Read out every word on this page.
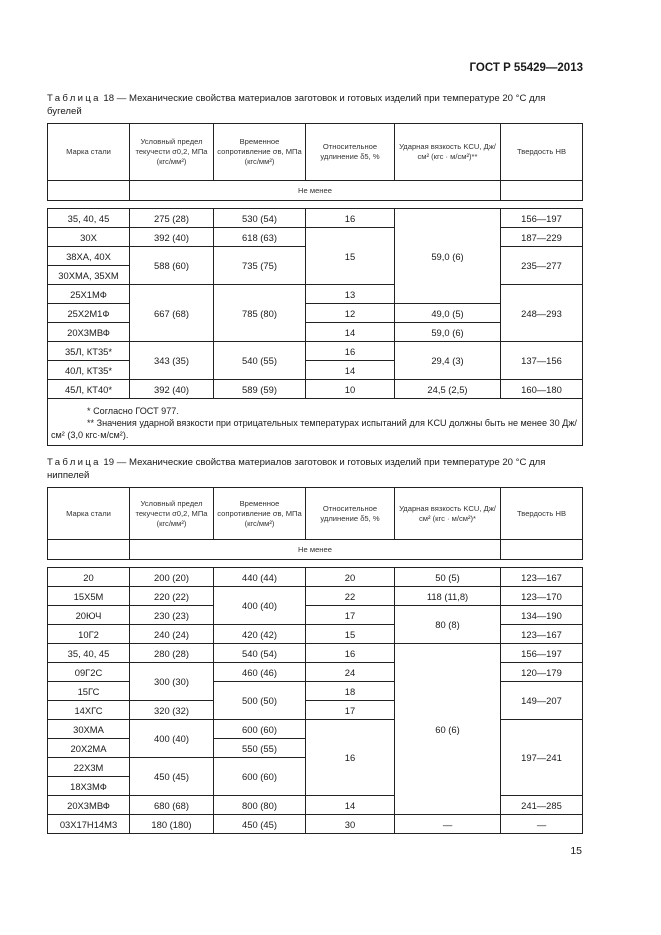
ГОСТ Р 55429—2013
Таблица 18 — Механические свойства материалов заготовок и готовых изделий при температуре 20 °С для бугелей
Марка стали	Условный предел текучести σ0,2, МПа (кгс/мм²)	Временное сопротивление σв, МПа (кгс/мм²)	Относительное удлинение δ5, %	Ударная вязкость KCU, Дж/см² (кгс · м/см²)**	Твердость НВ
	Не менее				

35, 40, 45	275 (28)	530 (54)	16	59,0 (6)	156—197
30Х	392 (40)	618 (63)	15		187—229
38ХА, 40Х	588 (60)	735 (75)			235—277
30ХМА, 35ХМ					
25Х1МФ	667 (68)	785 (80)	13		248—293
25Х2М1Ф			12	49,0 (5)	
20Х3МВФ			14	59,0 (6)	
35Л, КТ35*	343 (35)	540 (55)	16	29,4 (3)	137—156
40Л, КТ35*			14		
45Л, КТ40*	392 (40)	589 (59)	10	24,5 (2,5)	160—180

* Согласно ГОСТ 977.
** Значения ударной вязкости при отрицательных температурах испытаний для KCU должны быть не менее 30 Дж/см² (3,0 кгс·м/см²).					
Таблица 19 — Механические свойства материалов заготовок и готовых изделий при температуре 20 °С для ниппелей
Марка стали	Условный предел текучести σ0,2, МПа (кгс/мм²)	Временное сопротивление σв, МПа (кгс/мм²)	Относительное удлинение δ5, %	Ударная вязкость KCU, Дж/см² (кгс · м/см²)*	Твердость НВ
	Не менее				

20	200 (20)	440 (44)	20	50 (5)	123—167
15Х5М	220 (22)	400 (40)	22	118 (11,8)	123—170
20ЮЧ	230 (23)		17	80 (8)	134—190
10Г2	240 (24)	420 (42)	15		123—167
35, 40, 45	280 (28)	540 (54)	16	60 (6)	156—197
09Г2С	300 (30)	460 (46)	24		120—179
15ГС		500 (50)	18		149—207
14ХГС	320 (32)		17		
30ХМА	400 (40)	600 (60)	16		197—241
20Х2МА		550 (55)			
22Х3М	450 (45)	600 (60)			
18Х3МФ					
20Х3МВФ	680 (68)	800 (80)	14		241—285
03Х17Н14М3	180 (180)	450 (45)	30	—	—
15
